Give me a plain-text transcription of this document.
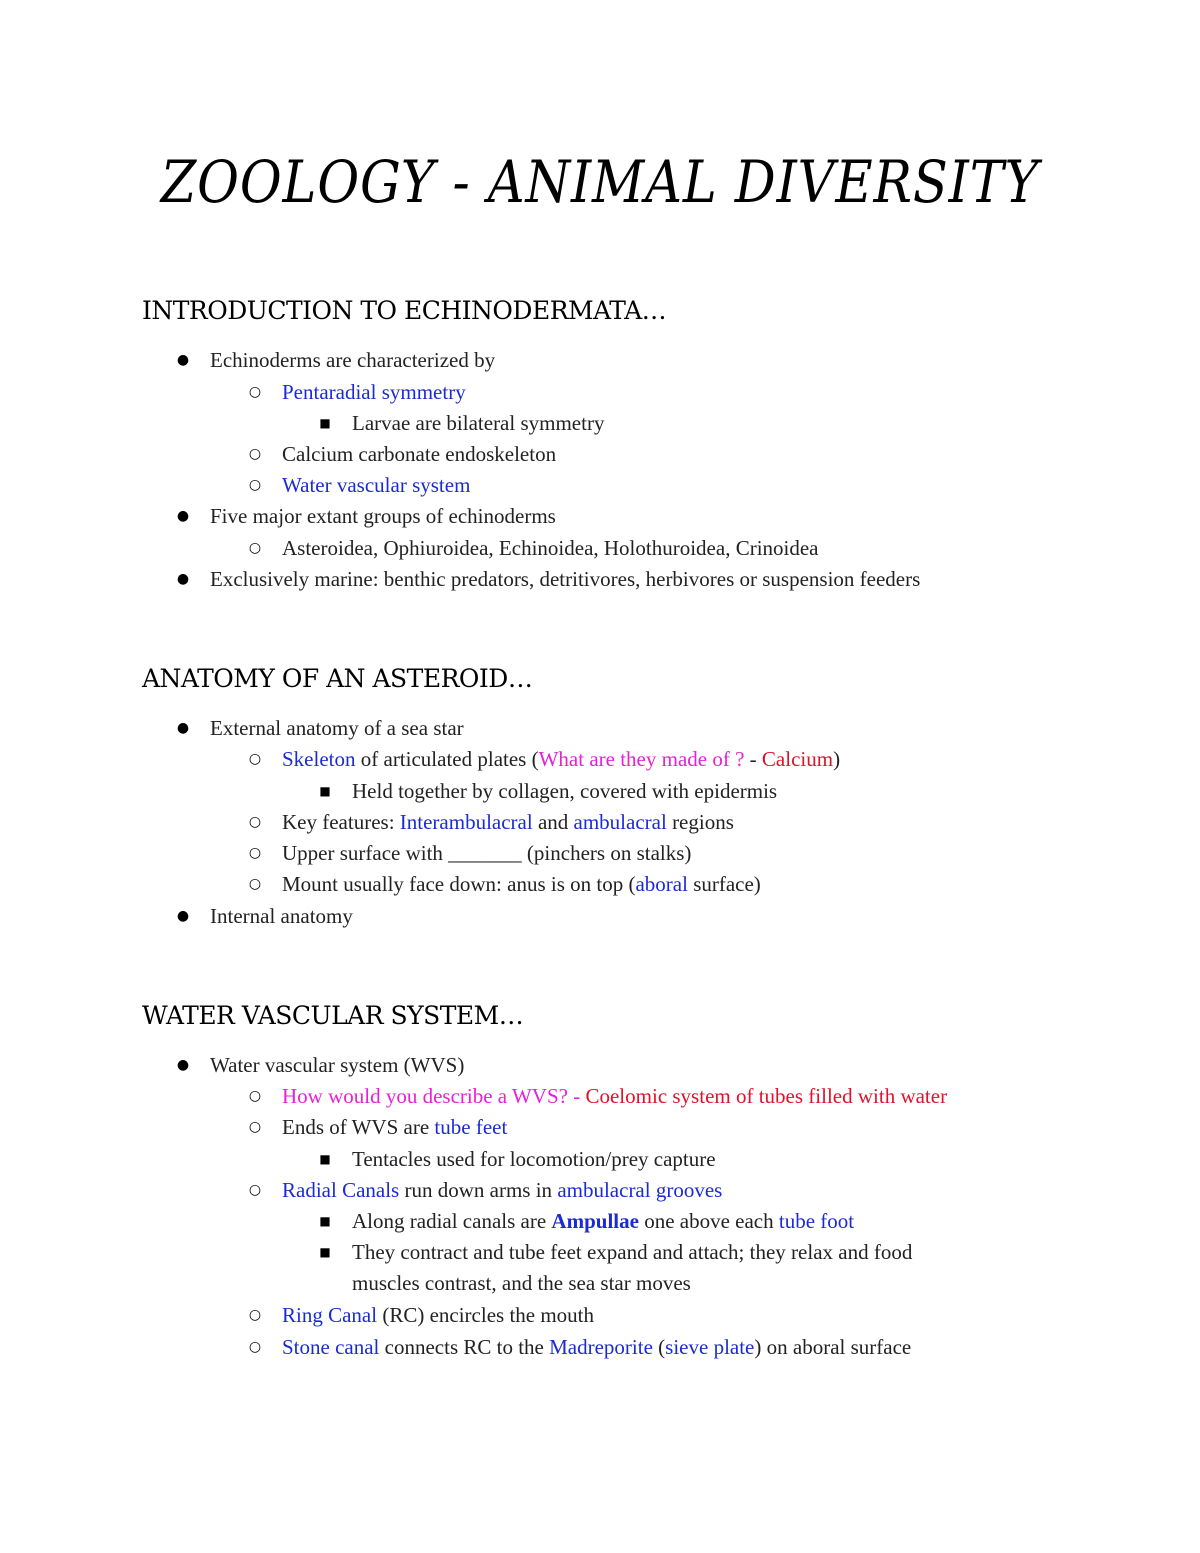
ZOOLOGY - ANIMAL DIVERSITY
INTRODUCTION TO ECHINODERMATA…
● Echinoderms are characterized by
○ Pentaradial symmetry
■ Larvae are bilateral symmetry
○ Calcium carbonate endoskeleton
○ Water vascular system
● Five major extant groups of echinoderms
○ Asteroidea, Ophiuroidea, Echinoidea, Holothuroidea, Crinoidea
● Exclusively marine: benthic predators, detritivores, herbivores or suspension feeders
ANATOMY OF AN ASTEROID…
● External anatomy of a sea star
○ Skeleton of articulated plates (What are they made of ? - Calcium)
■ Held together by collagen, covered with epidermis
○ Key features: Interambulacral and ambulacral regions
○ Upper surface with _______ (pinchers on stalks)
○ Mount usually face down: anus is on top (aboral surface)
● Internal anatomy
WATER VASCULAR SYSTEM…
● Water vascular system (WVS)
○ How would you describe a WVS? - Coelomic system of tubes filled with water
○ Ends of WVS are tube feet
■ Tentacles used for locomotion/prey capture
○ Radial Canals run down arms in ambulacral grooves
■ Along radial canals are Ampullae one above each tube foot
■ They contract and tube feet expand and attach; they relax and food
muscles contrast, and the sea star moves
○ Ring Canal (RC) encircles the mouth
○ Stone canal connects RC to the Madreporite (sieve plate) on aboral surface
